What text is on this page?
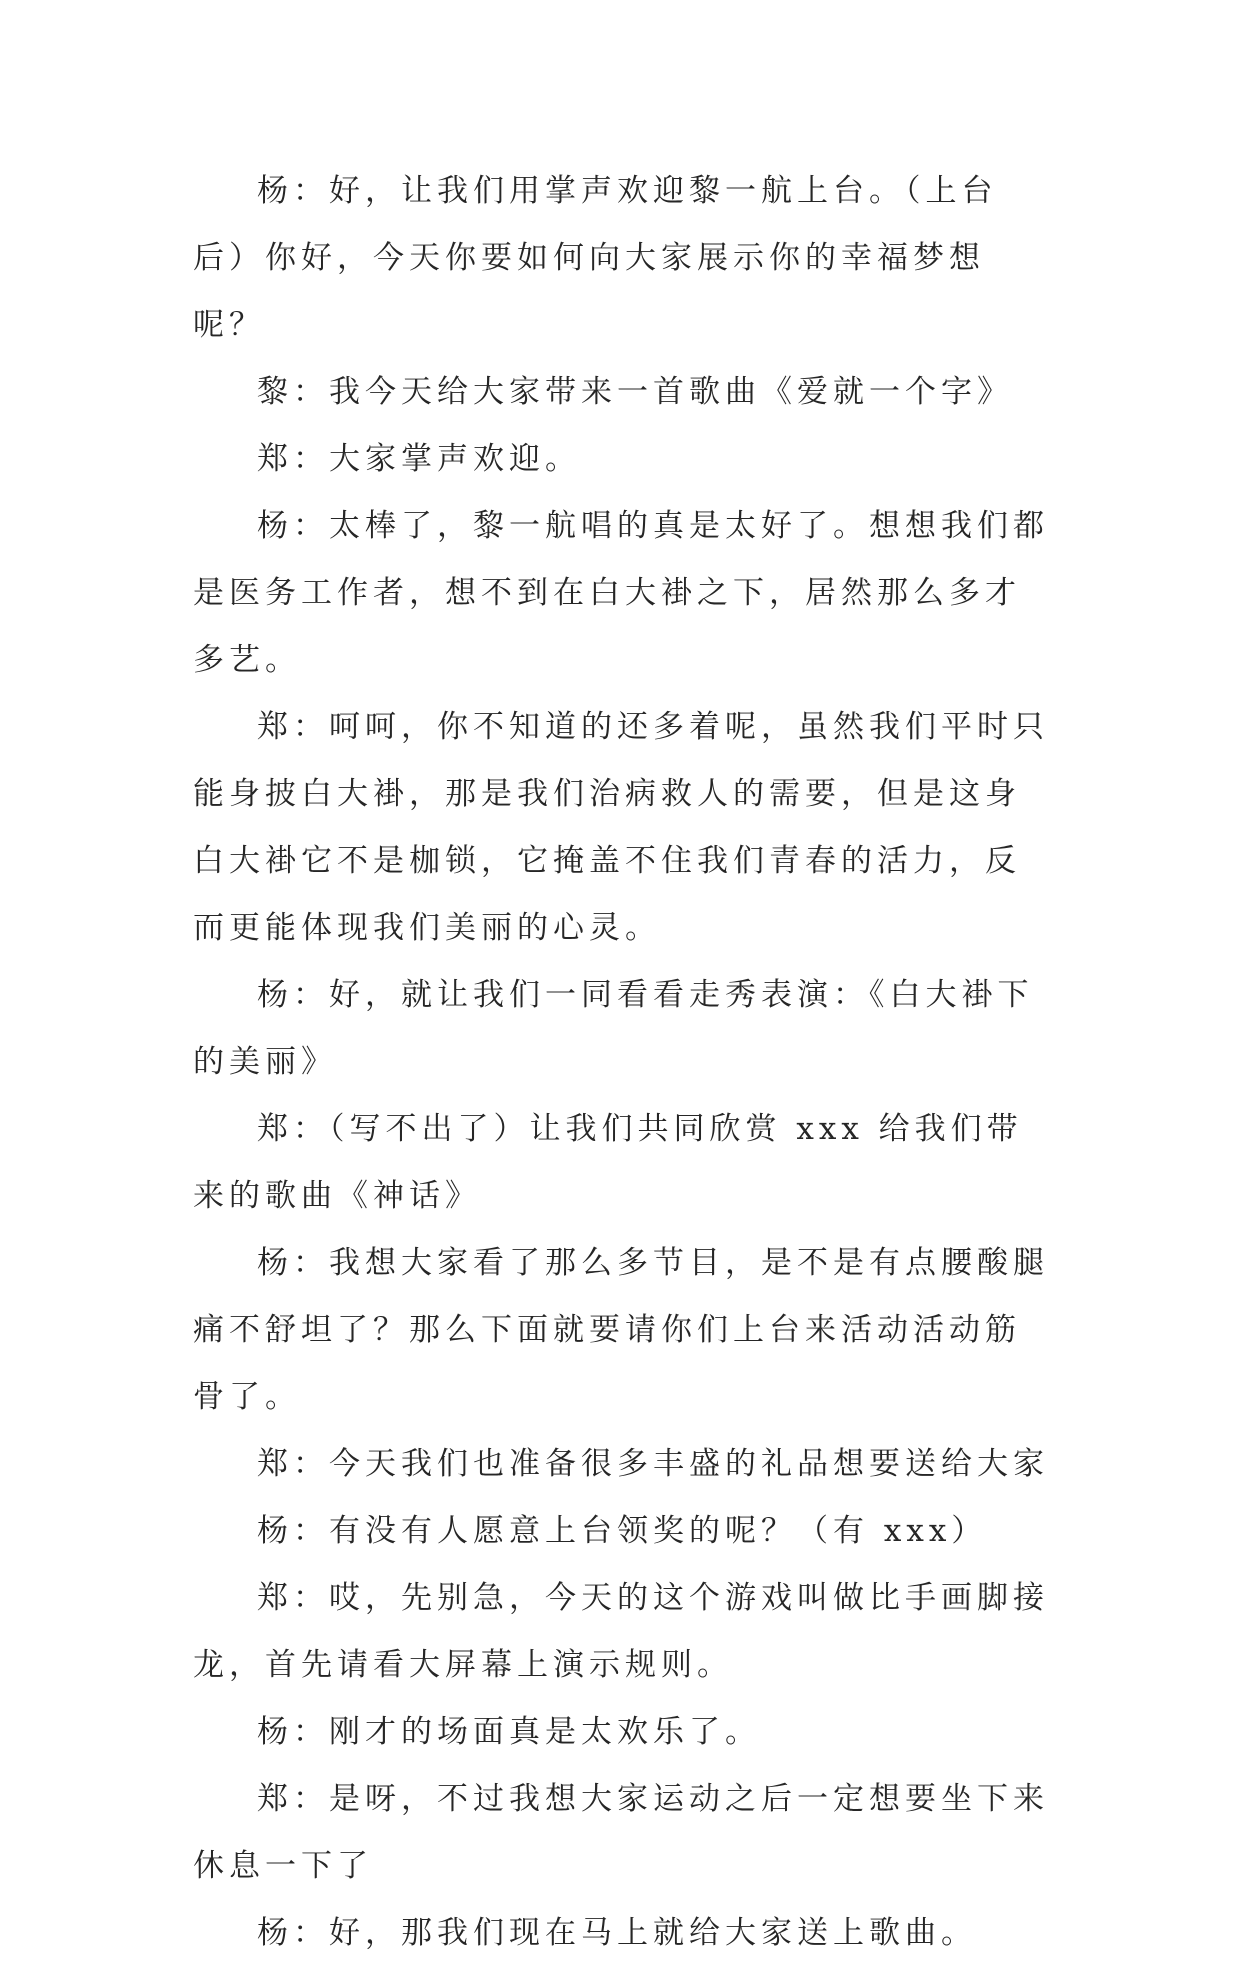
杨：好，让我们用掌声欢迎黎一航上台。（上台后）你好，今天你要如何向大家展示你的幸福梦想呢？

黎：我今天给大家带来一首歌曲《爱就一个字》

郑：大家掌声欢迎。

杨：太棒了，黎一航唱的真是太好了。想想我们都是医务工作者，想不到在白大褂之下，居然那么多才多艺。

郑：呵呵，你不知道的还多着呢，虽然我们平时只能身披白大褂，那是我们治病救人的需要，但是这身白大褂它不是枷锁，它掩盖不住我们青春的活力，反而更能体现我们美丽的心灵。

杨：好，就让我们一同看看走秀表演：《白大褂下的美丽》

郑：（写不出了）让我们共同欣赏 xxx 给我们带来的歌曲《神话》

杨：我想大家看了那么多节目，是不是有点腰酸腿痛不舒坦了？那么下面就要请你们上台来活动活动筋骨了。

郑：今天我们也准备很多丰盛的礼品想要送给大家

杨：有没有人愿意上台领奖的呢？（有 xxx）

郑：哎，先别急，今天的这个游戏叫做比手画脚接龙，首先请看大屏幕上演示规则。

杨：刚才的场面真是太欢乐了。

郑：是呀，不过我想大家运动之后一定想要坐下来休息一下了

杨：好，那我们现在马上就给大家送上歌曲。
